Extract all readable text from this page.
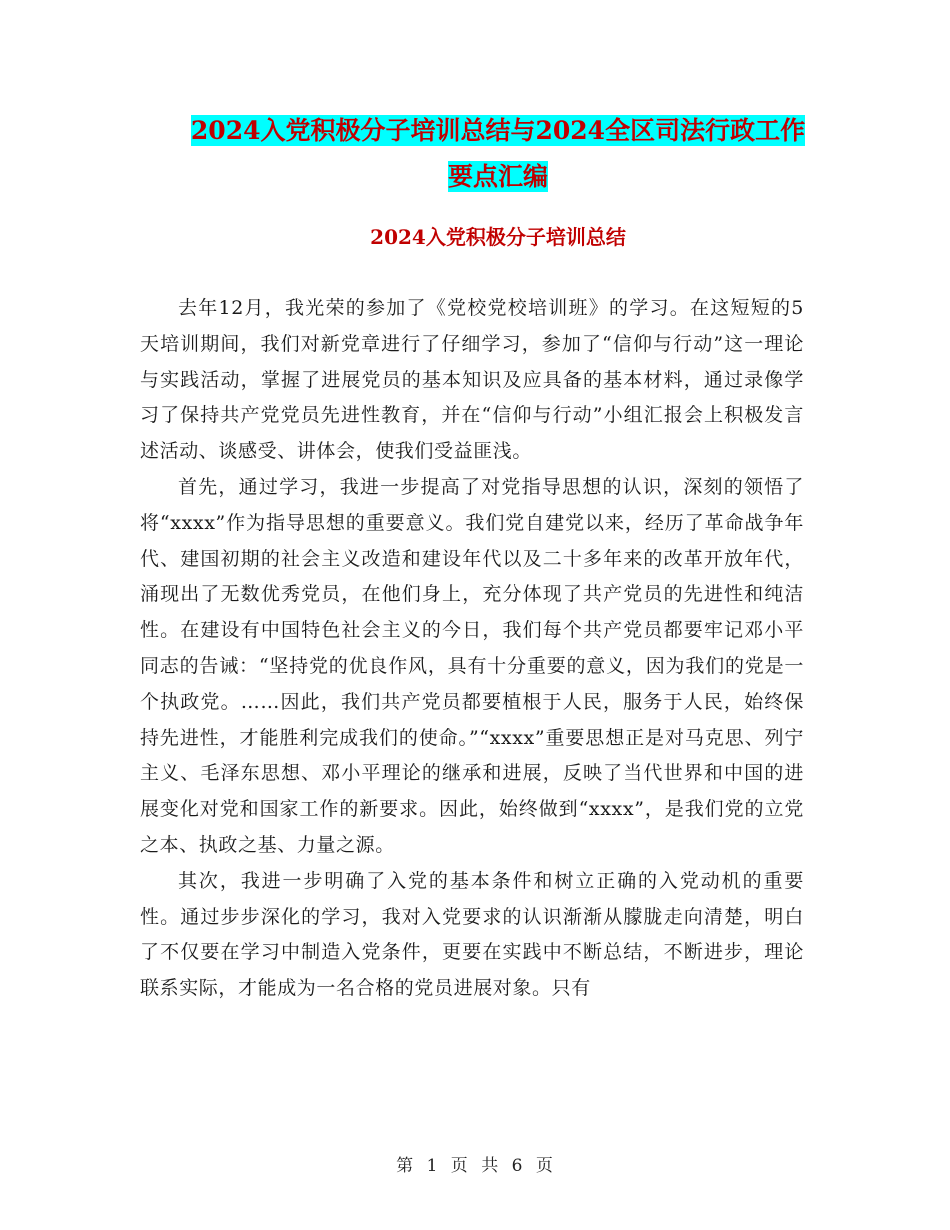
2024入党积极分子培训总结与2024全区司法行政工作
要点汇编
2024入党积极分子培训总结

去年12月，我光荣的参加了《党校党校培训班》的学习。在这短短的5天培训期间，我们对新党章进行了仔细学习，参加了“信仰与行动”这一理论与实践活动，掌握了进展党员的基本知识及应具备的基本材料，通过录像学习了保持共产党党员先进性教育，并在“信仰与行动”小组汇报会上积极发言述活动、谈感受、讲体会，使我们受益匪浅。

首先，通过学习，我进一步提高了对党指导思想的认识，深刻的领悟了将“xxxx”作为指导思想的重要意义。我们党自建党以来，经历了革命战争年代、建国初期的社会主义改造和建设年代以及二十多年来的改革开放年代，涌现出了无数优秀党员，在他们身上，充分体现了共产党员的先进性和纯洁性。在建设有中国特色社会主义的今日，我们每个共产党员都要牢记邓小平同志的告诫：“坚持党的优良作风，具有十分重要的意义，因为我们的党是一个执政党。……因此，我们共产党员都要植根于人民，服务于人民，始终保持先进性，才能胜利完成我们的使命。”“xxxx”重要思想正是对马克思、列宁主义、毛泽东思想、邓小平理论的继承和进展，反映了当代世界和中国的进展变化对党和国家工作的新要求。因此，始终做到“xxxx”，是我们党的立党之本、执政之基、力量之源。

其次，我进一步明确了入党的基本条件和树立正确的入党动机的重要性。通过步步深化的学习，我对入党要求的认识渐渐从朦胧走向清楚，明白了不仅要在学习中制造入党条件，更要在实践中不断总结，不断进步，理论联系实际，才能成为一名合格的党员进展对象。只有

第 1 页 共 6 页
